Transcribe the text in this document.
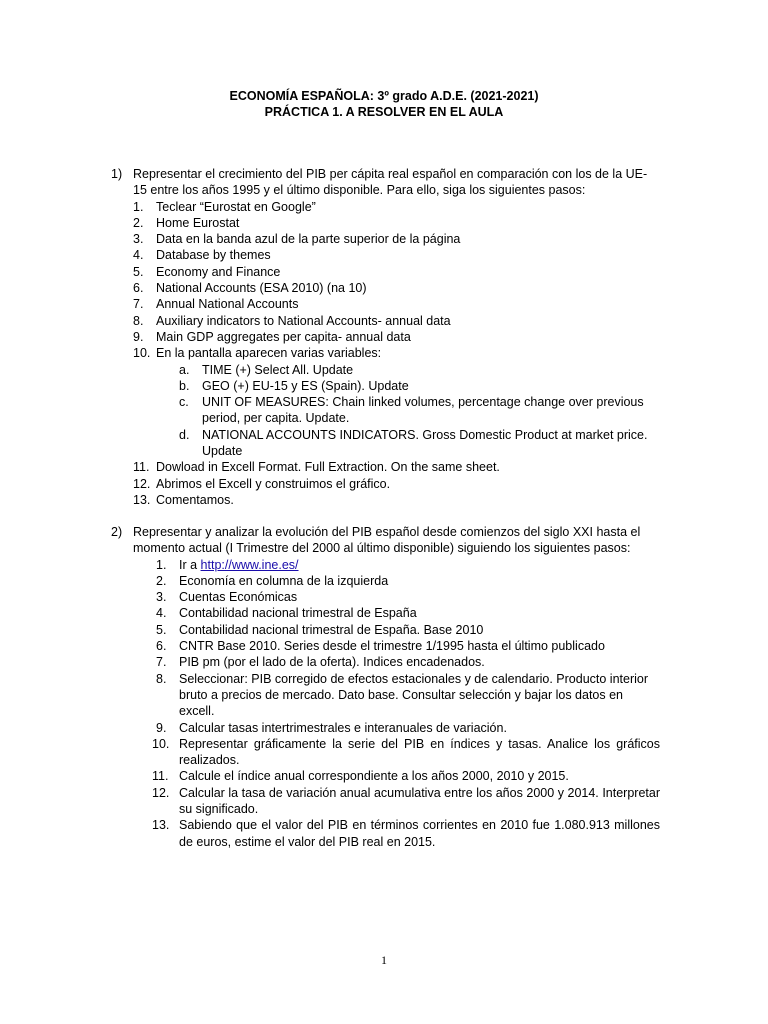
ECONOMÍA ESPAÑOLA: 3º grado A.D.E. (2021-2021)
PRÁCTICA 1. A RESOLVER EN EL AULA
1) Representar el crecimiento del PIB per cápita real español en comparación con los de la UE-15 entre los años 1995 y el último disponible. Para ello, siga los siguientes pasos:
1. Teclear “Eurostat en Google”
2. Home Eurostat
3. Data en la banda azul de la parte superior de la página
4. Database by themes
5. Economy and Finance
6. National Accounts (ESA 2010) (na 10)
7. Annual National Accounts
8. Auxiliary indicators to National Accounts- annual data
9. Main GDP aggregates per capita- annual data
10. En la pantalla aparecen varias variables:
a. TIME (+) Select All. Update
b. GEO (+) EU-15 y ES (Spain). Update
c. UNIT OF MEASURES: Chain linked volumes, percentage change over previous period, per capita. Update.
d. NATIONAL ACCOUNTS INDICATORS. Gross Domestic Product at market price. Update
11. Dowload in Excell Format. Full Extraction. On the same sheet.
12. Abrimos el Excell y construimos el gráfico.
13. Comentamos.
2) Representar y analizar la evolución del PIB español desde comienzos del siglo XXI hasta el momento actual (I Trimestre del 2000 al último disponible) siguiendo los siguientes pasos:
1. Ir a http://www.ine.es/
2. Economía en columna de la izquierda
3. Cuentas Económicas
4. Contabilidad nacional trimestral de España
5. Contabilidad nacional trimestral de España. Base 2010
6. CNTR Base 2010. Series desde el trimestre 1/1995 hasta el último publicado
7. PIB pm (por el lado de la oferta). Indices encadenados.
8. Seleccionar: PIB corregido de efectos estacionales y de calendario. Producto interior bruto a precios de mercado. Dato base. Consultar selección y bajar los datos en excell.
9. Calcular tasas intertrimestrales e interanuales de variación.
10. Representar gráficamente la serie del PIB en índices y tasas. Analice los gráficos realizados.
11. Calcule el índice anual correspondiente a los años 2000, 2010 y 2015.
12. Calcular la tasa de variación anual acumulativa entre los años 2000 y 2014. Interpretar su significado.
13. Sabiendo que el valor del PIB en términos corrientes en 2010 fue 1.080.913 millones de euros, estime el valor del PIB real en 2015.
1
